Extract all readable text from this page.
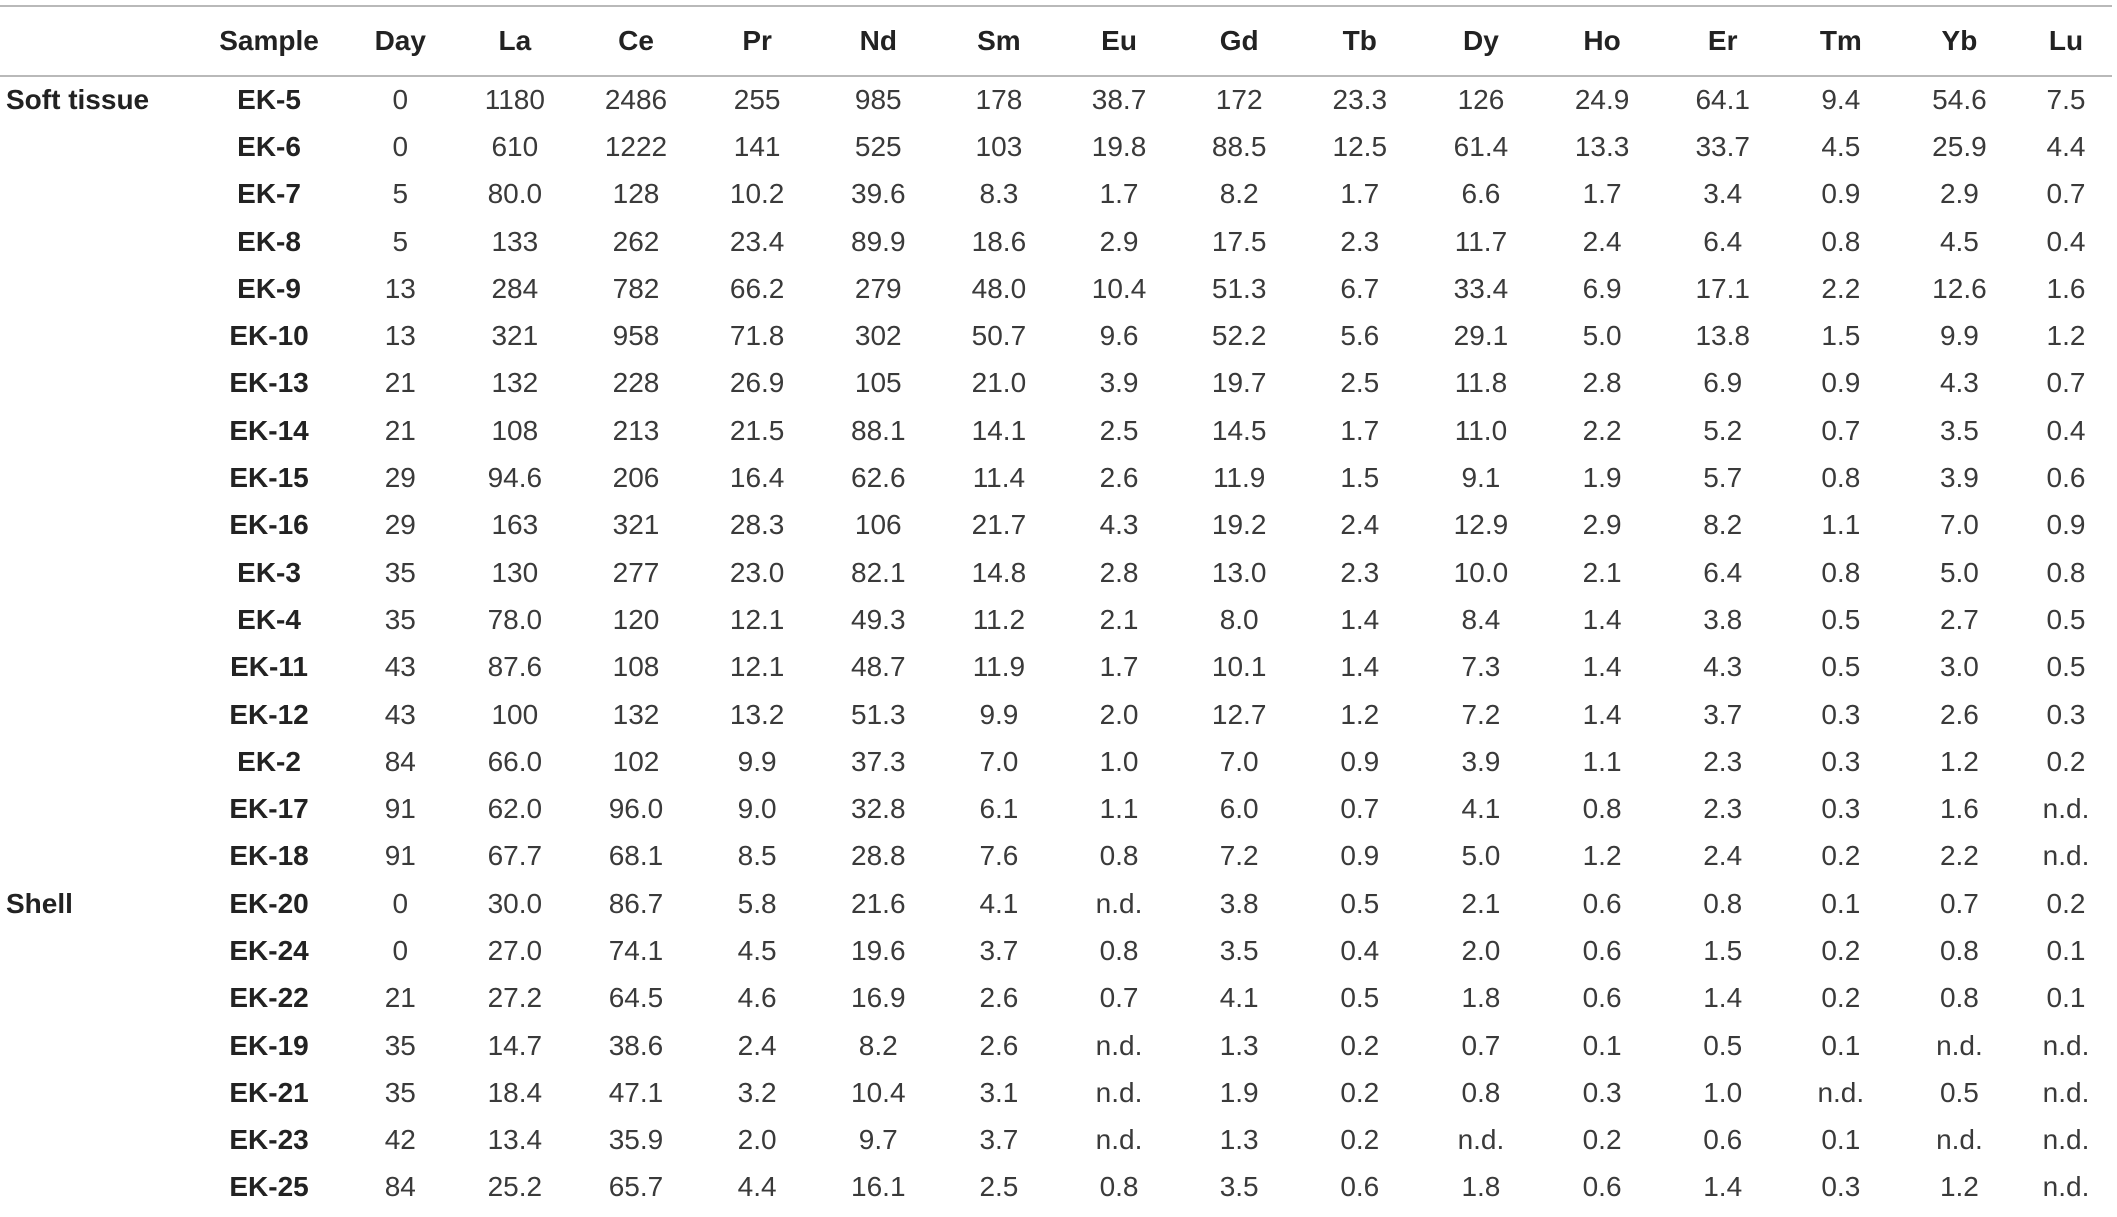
	Sample	Day	La	Ce	Pr	Nd	Sm	Eu	Gd	Tb	Dy	Ho	Er	Tm	Yb	Lu
Soft tissue	EK-5	0	1180	2486	255	985	178	38.7	172	23.3	126	24.9	64.1	9.4	54.6	7.5
	EK-6	0	610	1222	141	525	103	19.8	88.5	12.5	61.4	13.3	33.7	4.5	25.9	4.4
	EK-7	5	80.0	128	10.2	39.6	8.3	1.7	8.2	1.7	6.6	1.7	3.4	0.9	2.9	0.7
	EK-8	5	133	262	23.4	89.9	18.6	2.9	17.5	2.3	11.7	2.4	6.4	0.8	4.5	0.4
	EK-9	13	284	782	66.2	279	48.0	10.4	51.3	6.7	33.4	6.9	17.1	2.2	12.6	1.6
	EK-10	13	321	958	71.8	302	50.7	9.6	52.2	5.6	29.1	5.0	13.8	1.5	9.9	1.2
	EK-13	21	132	228	26.9	105	21.0	3.9	19.7	2.5	11.8	2.8	6.9	0.9	4.3	0.7
	EK-14	21	108	213	21.5	88.1	14.1	2.5	14.5	1.7	11.0	2.2	5.2	0.7	3.5	0.4
	EK-15	29	94.6	206	16.4	62.6	11.4	2.6	11.9	1.5	9.1	1.9	5.7	0.8	3.9	0.6
	EK-16	29	163	321	28.3	106	21.7	4.3	19.2	2.4	12.9	2.9	8.2	1.1	7.0	0.9
	EK-3	35	130	277	23.0	82.1	14.8	2.8	13.0	2.3	10.0	2.1	6.4	0.8	5.0	0.8
	EK-4	35	78.0	120	12.1	49.3	11.2	2.1	8.0	1.4	8.4	1.4	3.8	0.5	2.7	0.5
	EK-11	43	87.6	108	12.1	48.7	11.9	1.7	10.1	1.4	7.3	1.4	4.3	0.5	3.0	0.5
	EK-12	43	100	132	13.2	51.3	9.9	2.0	12.7	1.2	7.2	1.4	3.7	0.3	2.6	0.3
	EK-2	84	66.0	102	9.9	37.3	7.0	1.0	7.0	0.9	3.9	1.1	2.3	0.3	1.2	0.2
	EK-17	91	62.0	96.0	9.0	32.8	6.1	1.1	6.0	0.7	4.1	0.8	2.3	0.3	1.6	n.d.
	EK-18	91	67.7	68.1	8.5	28.8	7.6	0.8	7.2	0.9	5.0	1.2	2.4	0.2	2.2	n.d.
Shell	EK-20	0	30.0	86.7	5.8	21.6	4.1	n.d.	3.8	0.5	2.1	0.6	0.8	0.1	0.7	0.2
	EK-24	0	27.0	74.1	4.5	19.6	3.7	0.8	3.5	0.4	2.0	0.6	1.5	0.2	0.8	0.1
	EK-22	21	27.2	64.5	4.6	16.9	2.6	0.7	4.1	0.5	1.8	0.6	1.4	0.2	0.8	0.1
	EK-19	35	14.7	38.6	2.4	8.2	2.6	n.d.	1.3	0.2	0.7	0.1	0.5	0.1	n.d.	n.d.
	EK-21	35	18.4	47.1	3.2	10.4	3.1	n.d.	1.9	0.2	0.8	0.3	1.0	n.d.	0.5	n.d.
	EK-23	42	13.4	35.9	2.0	9.7	3.7	n.d.	1.3	0.2	n.d.	0.2	0.6	0.1	n.d.	n.d.
	EK-25	84	25.2	65.7	4.4	16.1	2.5	0.8	3.5	0.6	1.8	0.6	1.4	0.3	1.2	n.d.
